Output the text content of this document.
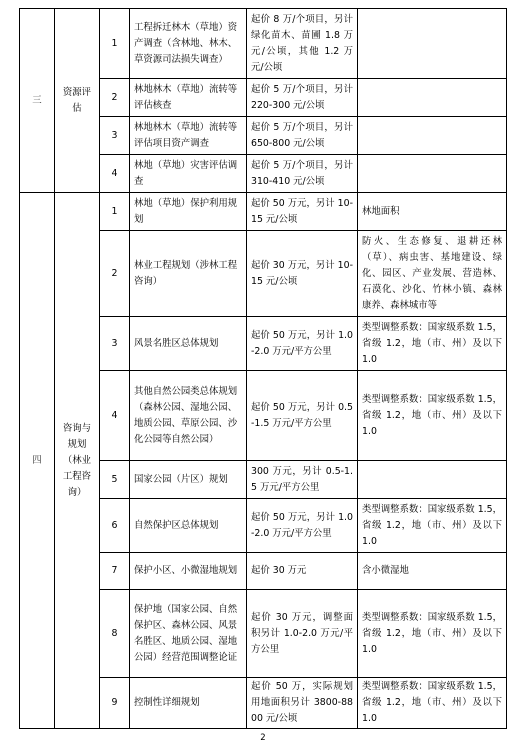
三	资源评估	1	工程拆迁林木（草地）资产调查（含林地、林木、草资源司法损失调查）	起价 8 万/个项目，另计绿化苗木、苗圃 1.8 万元/公顷，其他 1.2 万元/公顷	
		2	林地林木（草地）流转等评估核查	起价 5 万/个项目，另计 220-300 元/公顷	
		3	林地林木（草地）流转等评估项目资产调查	起价 5 万/个项目，另计 650-800 元/公顷	
		4	林地（草地）灾害评估调查	起价 5 万/个项目，另计 310-410 元/公顷	
四	咨询与规划（林业工程咨询）	1	林地（草地）保护利用规划	起价 50 万元，另计 10-15 元/公顷	林地面积
		2	林业工程规划（涉林工程咨询）	起价 30 万元，另计 10-15 元/公顷	防火、生态修复、退耕还林（草）、病虫害、基地建设、绿化、园区、产业发展、营造林、石漠化、沙化、竹林小镇、森林康养、森林城市等
		3	风景名胜区总体规划	起价 50 万元，另计 1.0-2.0 万元/平方公里	类型调整系数：国家级系数 1.5，省级 1.2，地（市、州）及以下 1.0
		4	其他自然公园类总体规划（森林公园、湿地公园、地质公园、草原公园、沙化公园等自然公园）	起价 50 万元，另计 0.5-1.5 万元/平方公里	类型调整系数：国家级系数 1.5，省级 1.2，地（市、州）及以下 1.0
		5	国家公园（片区）规划	300 万元，另计 0.5-1.5 万元/平方公里	
		6	自然保护区总体规划	起价 50 万元，另计 1.0-2.0 万元/平方公里	类型调整系数：国家级系数 1.5，省级 1.2，地（市、州）及以下 1.0
		7	保护小区、小微湿地规划	起价 30 万元	含小微湿地
		8	保护地（国家公园、自然保护区、森林公园、风景名胜区、地质公园、湿地公园）经营范围调整论证	起价 30 万元，调整面积另计 1.0-2.0 万元/平方公里	类型调整系数：国家级系数 1.5，省级 1.2，地（市、州）及以下 1.0
		9	控制性详细规划	起价 50 万，实际规划用地面积另计 3800-8800 元/公顷	类型调整系数：国家级系数 1.5，省级 1.2，地（市、州）及以下 1.0
2
